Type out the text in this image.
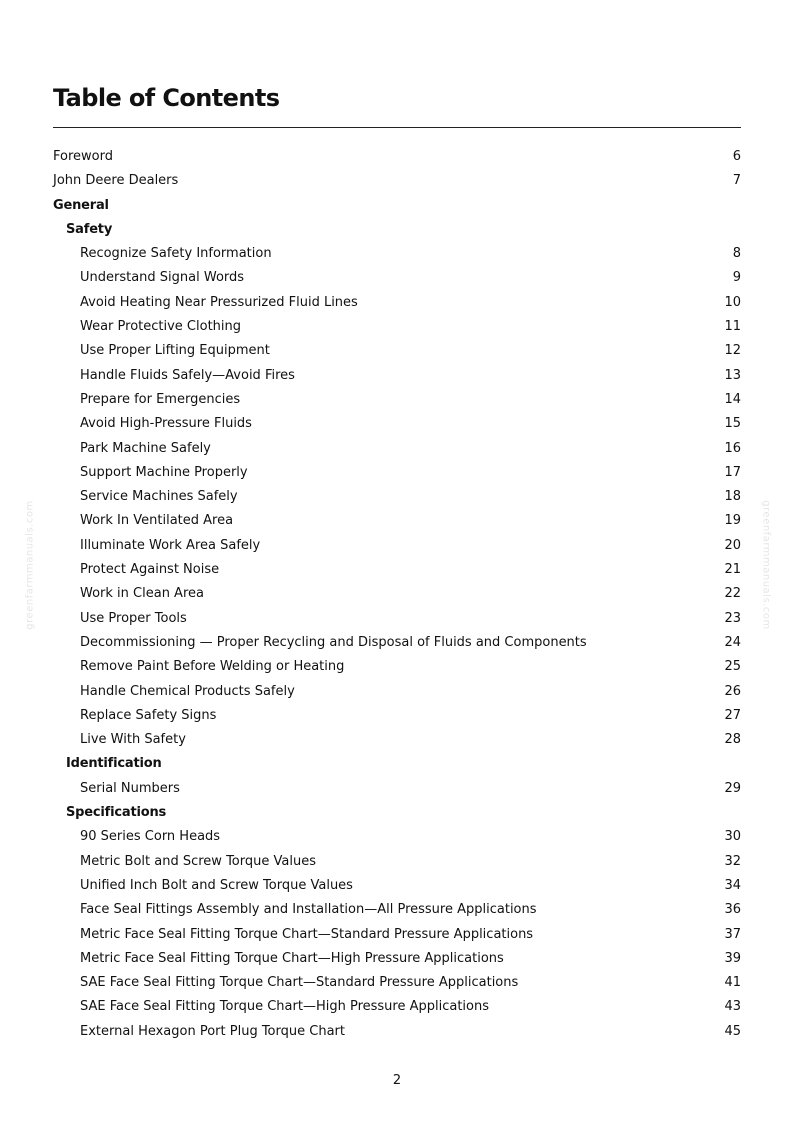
Table of Contents
Foreword	6
John Deere Dealers	7
General
Safety
Recognize Safety Information	8
Understand Signal Words	9
Avoid Heating Near Pressurized Fluid Lines	10
Wear Protective Clothing	11
Use Proper Lifting Equipment	12
Handle Fluids Safely—Avoid Fires	13
Prepare for Emergencies	14
Avoid High-Pressure Fluids	15
Park Machine Safely	16
Support Machine Properly	17
Service Machines Safely	18
Work In Ventilated Area	19
Illuminate Work Area Safely	20
Protect Against Noise	21
Work in Clean Area	22
Use Proper Tools	23
Decommissioning — Proper Recycling and Disposal of Fluids and Components	24
Remove Paint Before Welding or Heating	25
Handle Chemical Products Safely	26
Replace Safety Signs	27
Live With Safety	28
Identification
Serial Numbers	29
Specifications
90 Series Corn Heads	30
Metric Bolt and Screw Torque Values	32
Unified Inch Bolt and Screw Torque Values	34
Face Seal Fittings Assembly and Installation—All Pressure Applications	36
Metric Face Seal Fitting Torque Chart—Standard Pressure Applications	37
Metric Face Seal Fitting Torque Chart—High Pressure Applications	39
SAE Face Seal Fitting Torque Chart—Standard Pressure Applications	41
SAE Face Seal Fitting Torque Chart—High Pressure Applications	43
External Hexagon Port Plug Torque Chart	45
greenfarmmanuals.com	greenfarmmanuals.com
2
